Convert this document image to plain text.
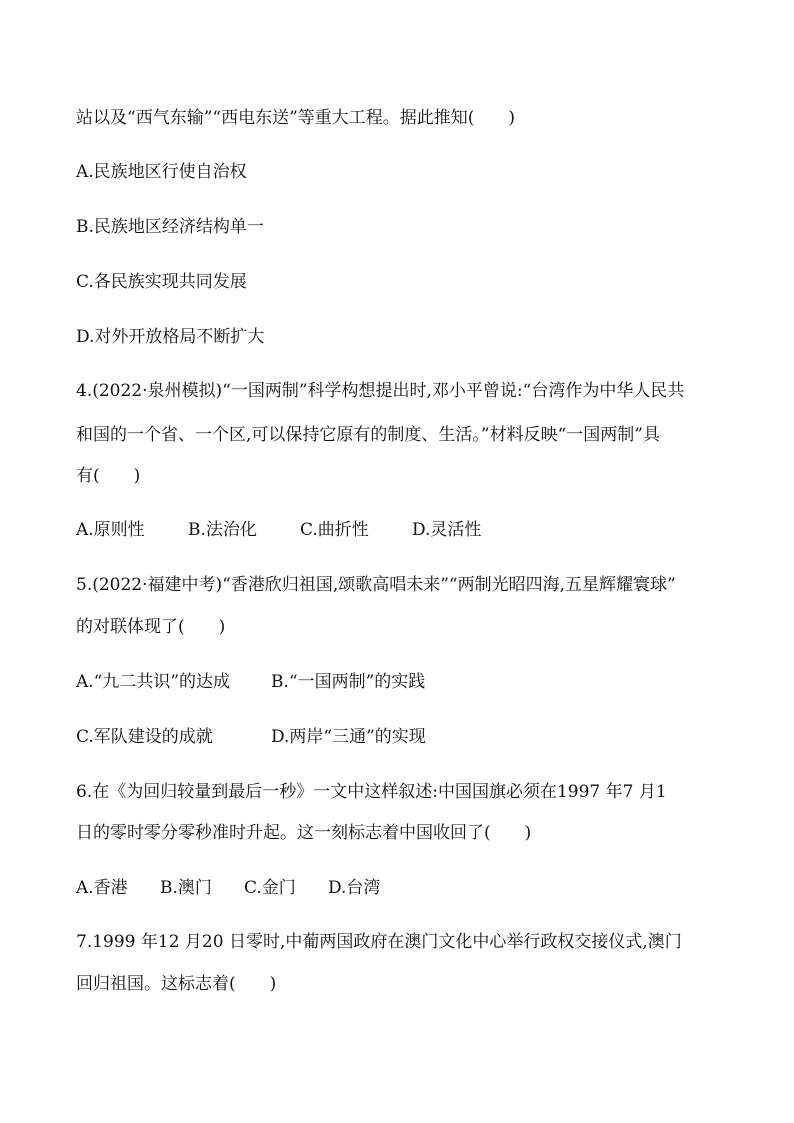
站以及“西气东输”“西电东送”等重大工程。据此推知(　　)
A.民族地区行使自治权
B.民族地区经济结构单一
C.各民族实现共同发展
D.对外开放格局不断扩大
4.(2022·泉州模拟)“一国两制”科学构想提出时,邓小平曾说:“台湾作为中华人民共
和国的一个省、一个区,可以保持它原有的制度、生活。”材料反映“一国两制”具
有(　　)
A.原则性	B.法治化	C.曲折性	D.灵活性
5.(2022·福建中考)“香港欣归祖国,颂歌高唱未来”“两制光昭四海,五星辉耀寰球”
的对联体现了(　　)
A.“九二共识”的达成 B.“一国两制”的实践
C.军队建设的成就	D.两岸“三通”的实现
6.在《为回归较量到最后一秒》一文中这样叙述:中国国旗必须在1997 年7 月1
日的零时零分零秒准时升起。这一刻标志着中国收回了(　　)
A.香港 B.澳门 C.金门 D.台湾
7.1999 年12 月20 日零时,中葡两国政府在澳门文化中心举行政权交接仪式,澳门
回归祖国。这标志着(　　)
